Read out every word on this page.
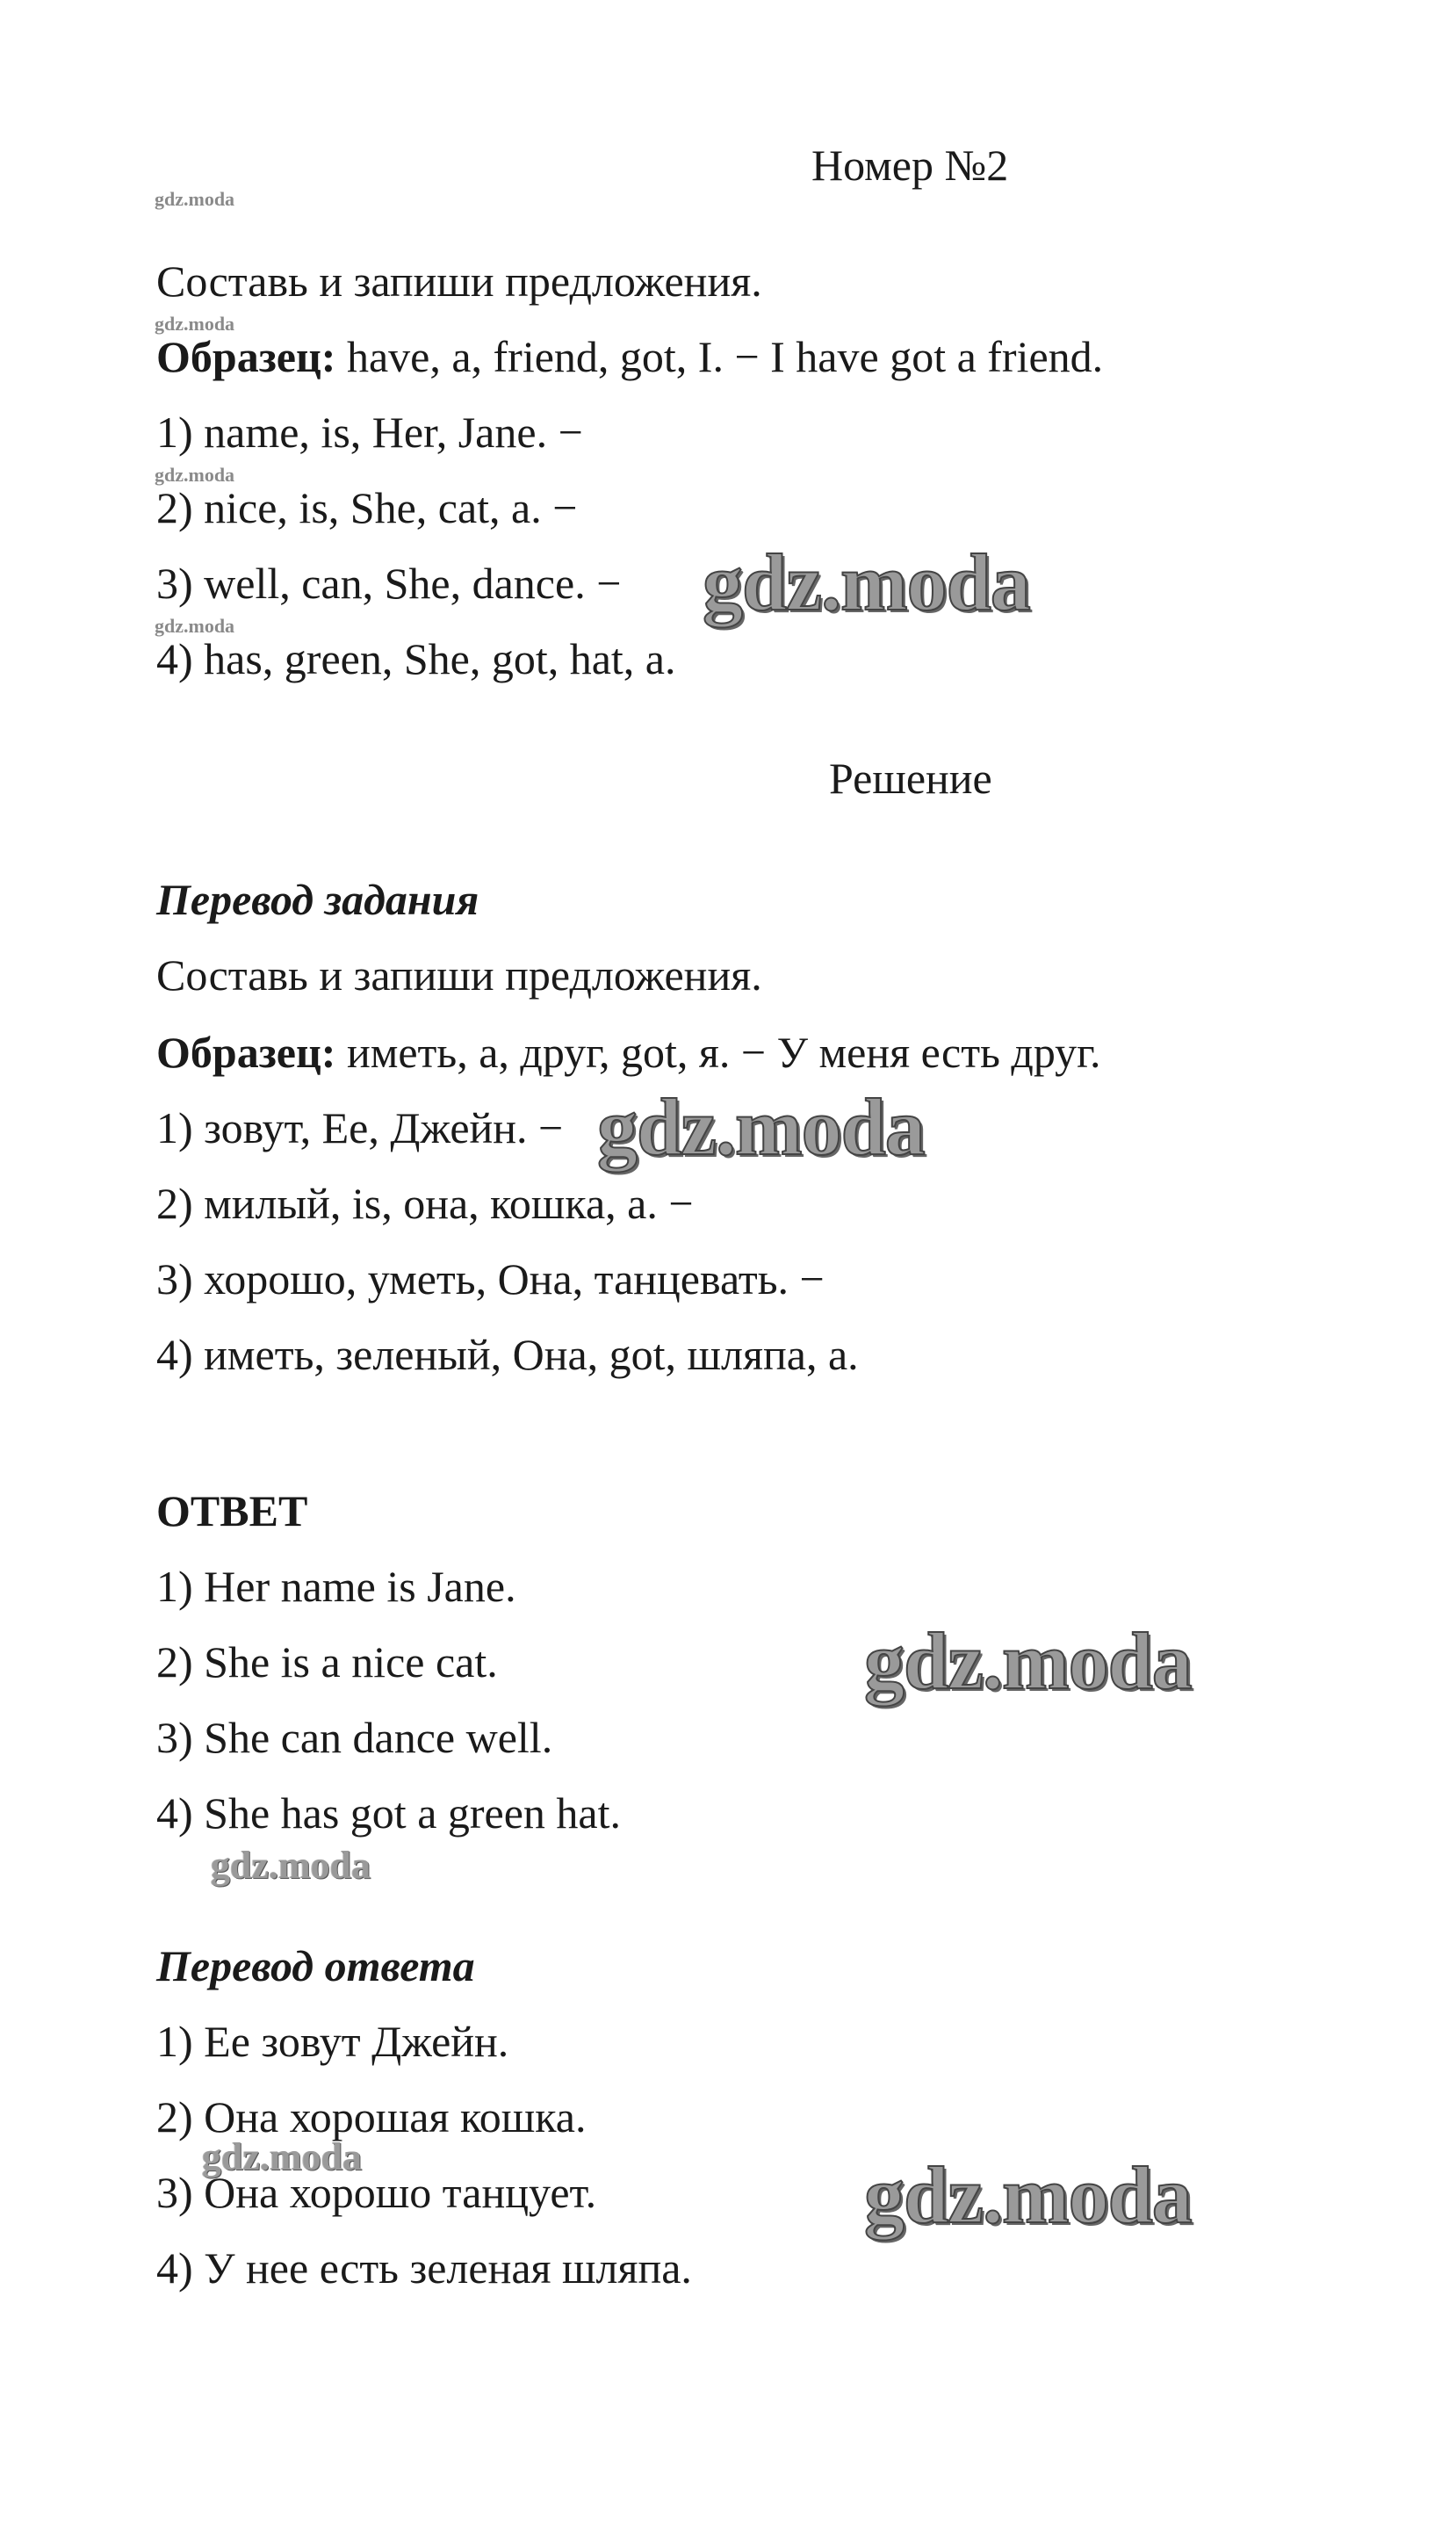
Номер №2
gdz.moda
Составь и запиши предложения.
gdz.moda
Образец: have, a, friend, got, I. − I have got a friend.
1) name, is, Her, Jane. −
gdz.moda
2) nice, is, She, cat, a. −
3) well, can, She, dance. − gdz.moda
gdz.moda
4) has, green, She, got, hat, a.
Решение
Перевод задания
Составь и запиши предложения.
Образец: иметь, a, друг, got, я. − У меня есть друг.
1) зовут, Ее, Джейн. − gdz.moda
2) милый, is, она, кошка, a. −
3) хорошо, уметь, Она, танцевать. −
4) иметь, зеленый, Она, got, шляпа, a.
ОТВЕТ
1) Her name is Jane.
2) She is a nice cat.	gdz.moda
3) She can dance well.
4) She has got a green hat.
gdz.moda
Перевод ответа
1) Ее зовут Джейн.
2) Она хорошая кошка.
gdz.moda
3) Она хорошо танцует.	gdz.moda
4) У нее есть зеленая шляпа.
